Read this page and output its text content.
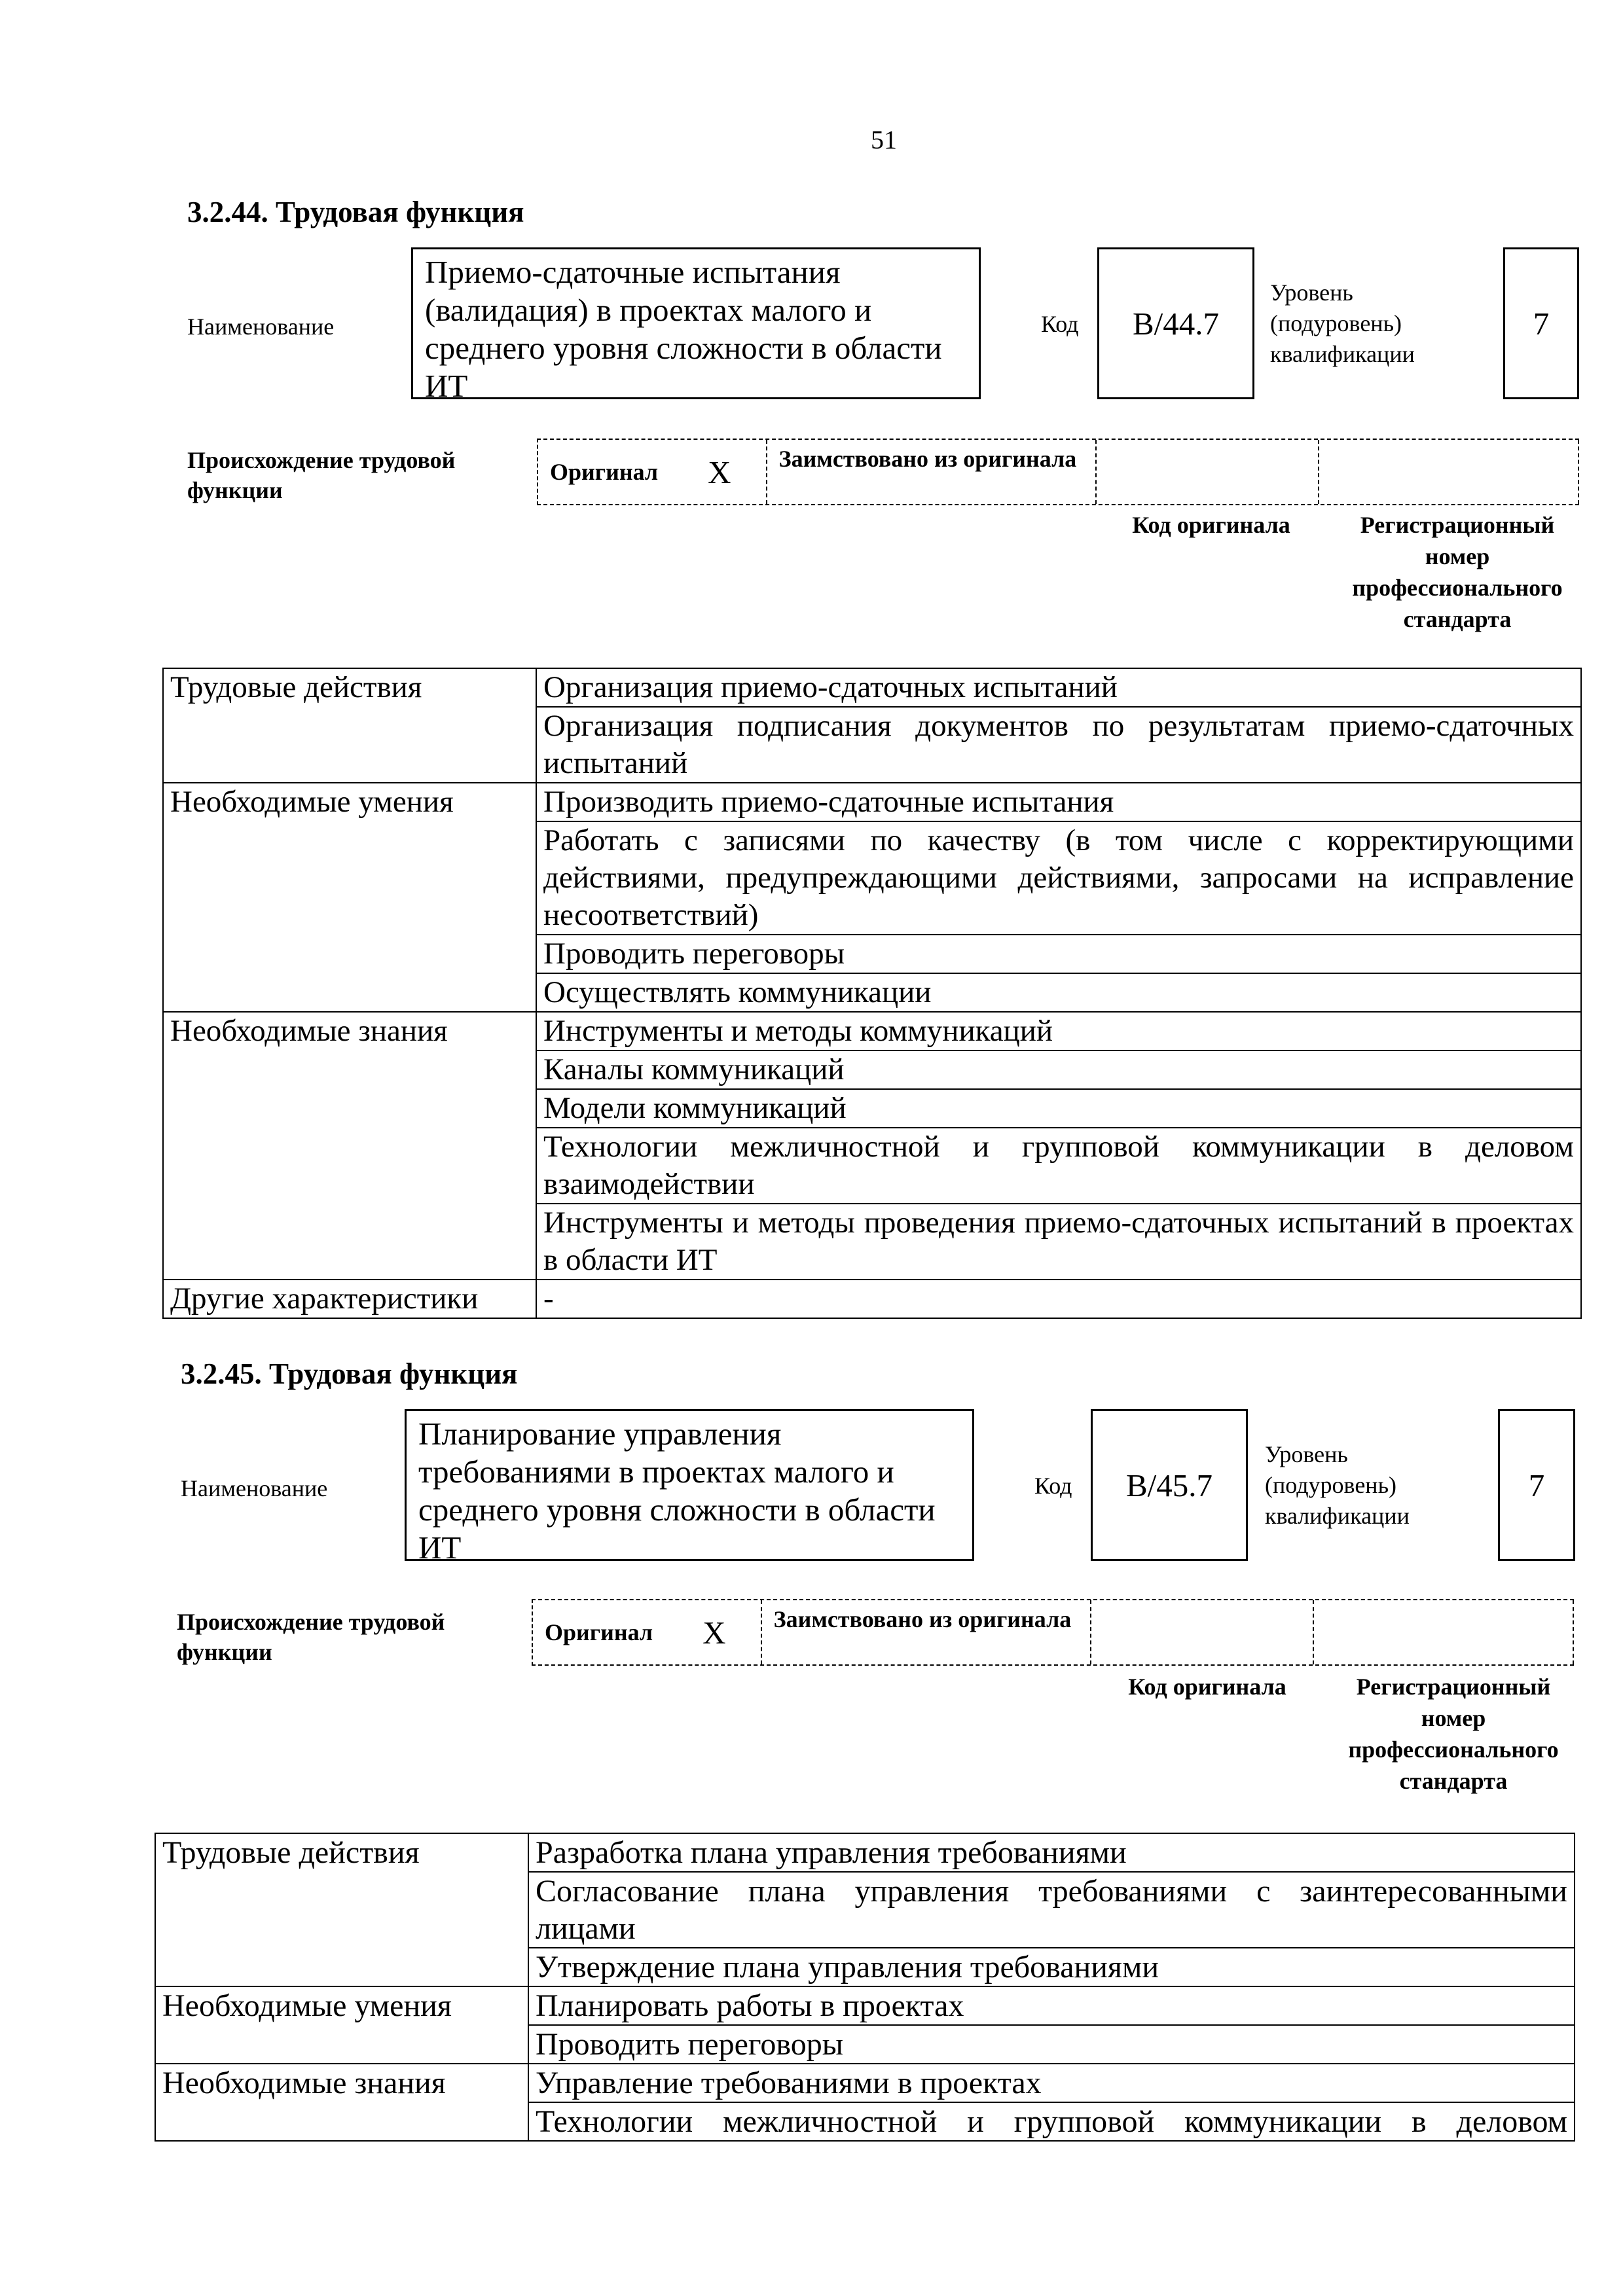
51
3.2.44. Трудовая функция
Наименование
Приемо-сдаточные испытания (валидация) в проектах малого и среднего уровня сложности в области ИТ
Код	B/44.7
Уровень (подуровень) квалификации
7
Происхождение трудовой функции
Оригинал X	Заимствовано из оригинала
Код оригинала	Регистрационный номер профессионального стандарта
Трудовые действия	Организация приемо-сдаточных испытаний
	Организация подписания документов по результатам приемо-сдаточных испытаний
Необходимые умения	Производить приемо-сдаточные испытания
	Работать с записями по качеству (в том числе с корректирующими действиями, предупреждающими действиями, запросами на исправление несоответствий)
	Проводить переговоры
	Осуществлять коммуникации
Необходимые знания	Инструменты и методы коммуникаций
	Каналы коммуникаций
	Модели коммуникаций
	Технологии межличностной и групповой коммуникации в деловом взаимодействии
	Инструменты и методы проведения приемо-сдаточных испытаний в проектах в области ИТ
Другие характеристики	-
3.2.45. Трудовая функция
Наименование
Планирование управления требованиями в проектах малого и среднего уровня сложности в области ИТ
Код	B/45.7
Уровень (подуровень) квалификации
7
Происхождение трудовой функции
Оригинал X	Заимствовано из оригинала
Код оригинала	Регистрационный номер профессионального стандарта
Трудовые действия	Разработка плана управления требованиями
	Согласование плана управления требованиями с заинтересованными лицами
	Утверждение плана управления требованиями
Необходимые умения	Планировать работы в проектах
	Проводить переговоры
Необходимые знания	Управление требованиями в проектах
	Технологии межличностной и групповой коммуникации в деловом
